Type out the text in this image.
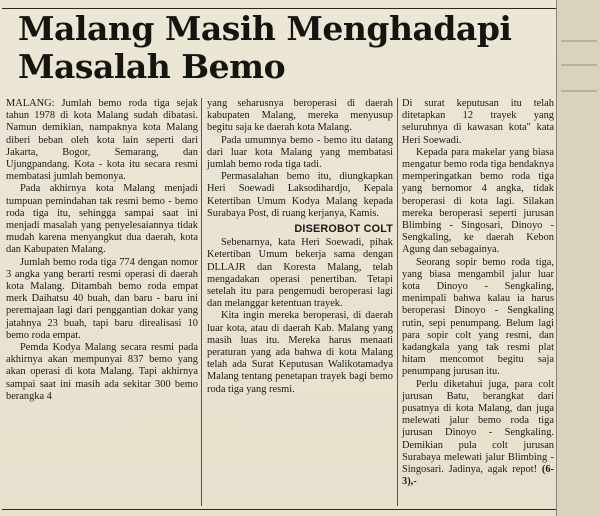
Malang Masih Menghadapi
Masalah Bemo

MALANG: Jumlah bemo roda tiga sejak tahun 1978 di kota Malang sudah dibatasi. Namun demikian, nampaknya kota Malang diberi beban oleh kota lain seperti dari Jakarta, Bogor, Semarang, dan Ujungpandang. Kota - kota itu secara resmi membatasi jumlah bemonya.

Pada akhirnya kota Malang menjadi tumpuan pemindahan tak resmi bemo - bemo roda tiga itu, sehingga sampai saat ini menjadi masalah yang penyelesaiannya tidak mudah karena menyangkut dua daerah, kota dan Kabupaten Malang.

Jumlah bemo roda tiga 774 dengan nomor 3 angka yang berarti resmi operasi di daerah kota Malang. Ditambah bemo roda empat merk Daihatsu 40 buah, dan baru - baru ini peremajaan lagi dari penggantian dokar yang jatahnya 23 buah, tapi baru direalisasi 10 bemo roda empat.

Pemda Kodya Malang secara resmi pada akhirnya akan mempunyai 837 bemo yang akan operasi di kota Malang. Tapi akhirnya sampai saat ini masih ada sekitar 300 bemo berangka 4

yang seharusnya beroperasi di daerah kabupaten Malang, mereka menyusup begitu saja ke daerah kota Malang.

Pada umumnya bemo - bemo itu datang dari luar kota Malang yang membatasi jumlah bemo roda tiga tadi.

Permasalahan bemo itu, diungkapkan Heri Soewadi Laksodihardjo, Kepala Ketertiban Umum Kodya Malang kepada Surabaya Post, di ruang kerjanya, Kamis.

DISEROBOT COLT

Sebenarnya, kata Heri Soewadi, pihak Ketertiban Umum bekerja sama dengan DLLAJR dan Koresta Malang, telah mengadakan operasi penertiban. Tetapi setelah itu para pengemudi beroperasi lagi dan melanggar ketentuan trayek.

Kita ingin mereka beroperasi, di daerah luar kota, atau di daerah Kab. Malang yang masih luas itu. Mereka harus menaati peraturan yang ada bahwa di kota Malang telah ada Surat Keputusan Walikotamadya Malang tentang penetapan trayek bagi bemo roda tiga yang resmi.

Di surat keputusan itu telah ditetapkan 12 trayek yang seluruhnya di kawasan kota" kata Heri Soewadi.

Kepada para makelar yang biasa mengatur bemo roda tiga hendaknya memperingatkan bemo roda tiga yang bernomor 4 angka, tidak beroperasi di kota lagi. Silakan mereka beroperasi seperti jurusan Blimbing - Singosari, Dinoyo - Sengkaling, ke daerah Kebon Agung dan sebagainya.

Seorang sopir bemo roda tiga, yang biasa mengambil jalur luar kota Dinoyo - Sengkaling, menimpali bahwa kalau ia harus beroperasi Dinoyo - Sengkaling rutin, sepi penumpang. Belum lagi para sopir colt yang resmi, dan kadangkala yang tak resmi plat hitam mencomot begitu saja penumpang jurusan itu.

Perlu diketahui juga, para colt jurusan Batu, berangkat dari pusatnya di kota Malang, dan juga melewati jalur bemo roda tiga jurusan Dinoyo - Sengkaling. Demikian pula colt jurusan Surabaya melewati jalur Blimbing - Singosari. Jadinya, agak repot! (6-3),-
